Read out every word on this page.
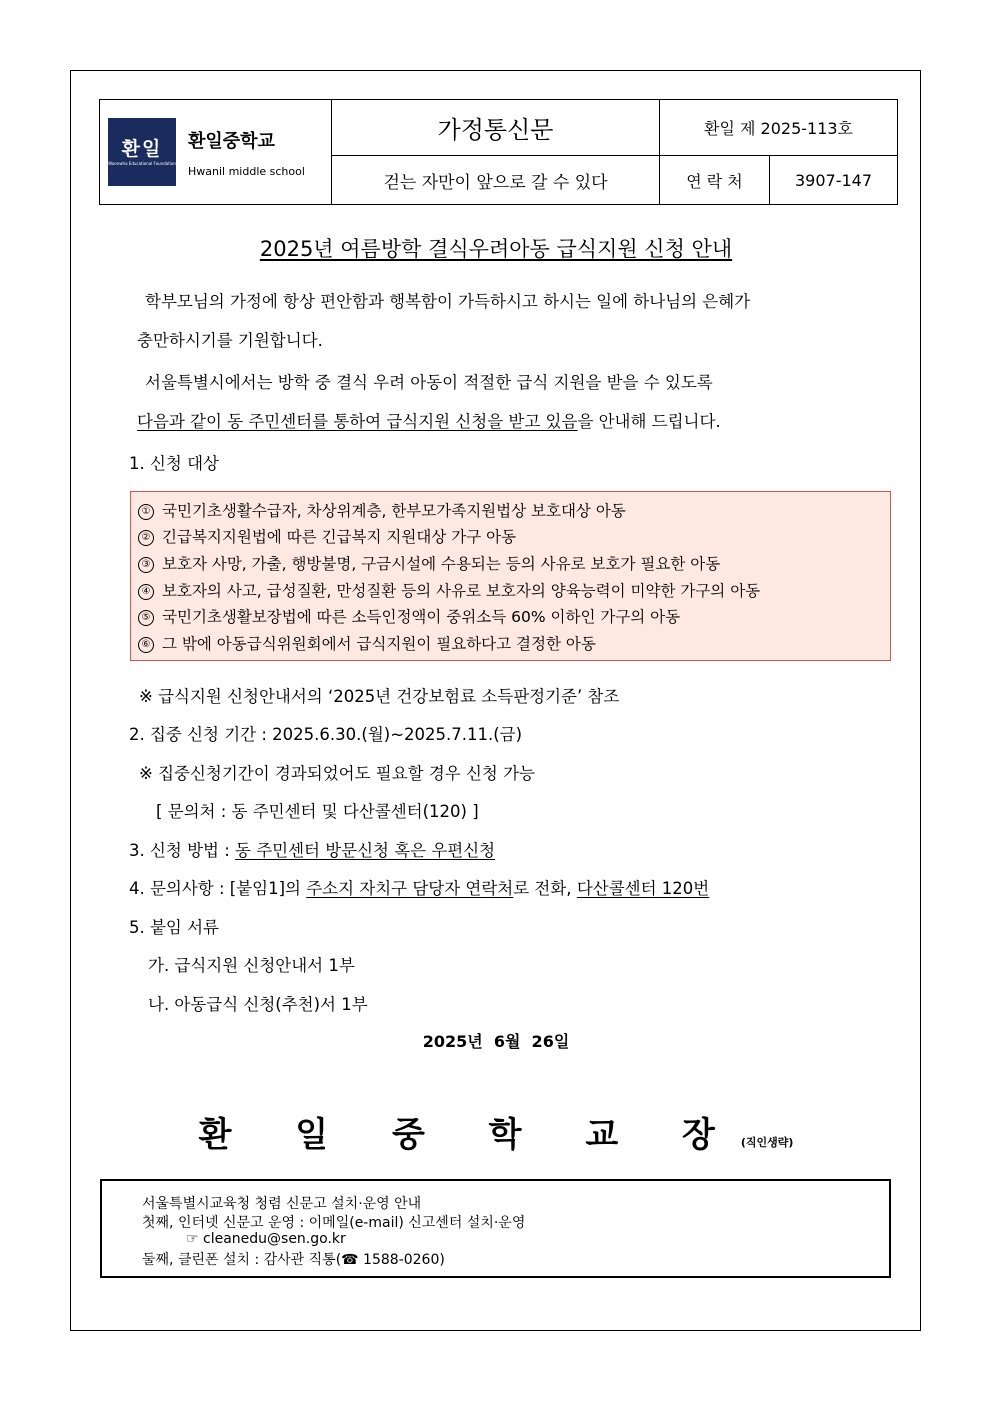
환일
Woonwha Educational Foundation
환일중학교
Hwanil middle school	가정통신문	환일 제 2025-113호	
	걷는 자만이 앞으로 갈 수 있다	연 락 처	3907-147
2025년 여름방학 결식우려아동 급식지원 신청 안내
학부모님의 가정에 항상 편안함과 행복함이 가득하시고 하시는 일에 하나님의 은혜가
충만하시기를 기원합니다.
서울특별시에서는 방학 중 결식 우려 아동이 적절한 급식 지원을 받을 수 있도록
다음과 같이 동 주민센터를 통하여 급식지원 신청을 받고 있음을 안내해 드립니다.
1. 신청 대상
① 국민기초생활수급자, 차상위계층, 한부모가족지원법상 보호대상 아동
② 긴급복지지원법에 따른 긴급복지 지원대상 가구 아동
③ 보호자 사망, 가출, 행방불명, 구금시설에 수용되는 등의 사유로 보호가 필요한 아동
④ 보호자의 사고, 급성질환, 만성질환 등의 사유로 보호자의 양육능력이 미약한 가구의 아동
⑤ 국민기초생활보장법에 따른 소득인정액이 중위소득 60% 이하인 가구의 아동
⑥ 그 밖에 아동급식위원회에서 급식지원이 필요하다고 결정한 아동
※ 급식지원 신청안내서의 ‘2025년 건강보험료 소득판정기준’ 참조
2. 집중 신청 기간 : 2025.6.30.(월)~2025.7.11.(금)
※ 집중신청기간이 경과되었어도 필요할 경우 신청 가능
[ 문의처 : 동 주민센터 및 다산콜센터(120) ]
3. 신청 방법 : 동 주민센터 방문신청 혹은 우편신청
4. 문의사항 : [붙임1]의 주소지 자치구 담당자 연락처로 전화, 다산콜센터 120번
5. 붙임 서류
가. 급식지원 신청안내서 1부
나. 아동급식 신청(추천)서 1부
2025년  6월  26일
환 일 중 학 교 장(직인생략)
서울특별시교육청 청렴 신문고 설치·운영 안내
첫째, 인터넷 신문고 운영 : 이메일(e-mail) 신고센터 설치·운영
☞ cleanedu@sen.go.kr
둘째, 클린폰 설치 : 감사관 직통(☎ 1588-0260)
